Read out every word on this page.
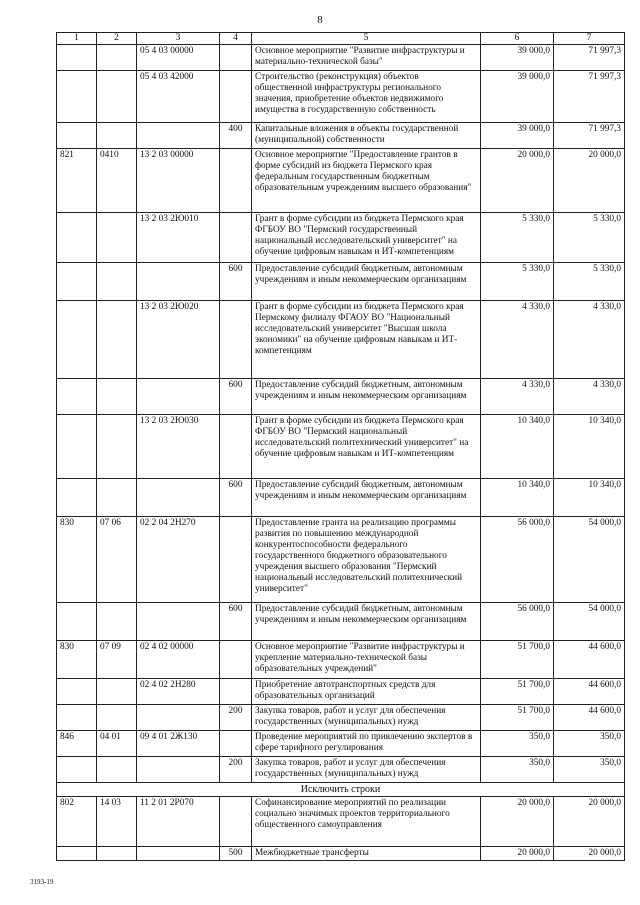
8
1	2	3	4	5	6	7
		05 4 03 00000		Основное мероприятие "Развитие инфраструктуры и материально-технической базы"	39 000,0	71 997,3
		05 4 03 42000		Строительство (реконструкция) объектов общественной инфраструктуры регионального значения, приобретение объектов недвижимого имущества в государственную собственность	39 000,0	71 997,3
			400	Капитальные вложения в объекты государственной (муниципальной) собственности	39 000,0	71 997,3
821	0410	13 2 03 00000		Основное мероприятие "Предоставление грантов в форме субсидий из бюджета Пермского края федеральным государственным бюджетным образовательным учреждениям высшего образования"	20 000,0	20 000,0
		13 2 03 2Ю010		Грант в форме субсидии из бюджета Пермского края ФГБОУ ВО "Пермский государственный национальный исследовательский университет" на обучение цифровым навыкам и ИТ-компетенциям	5 330,0	5 330,0
			600	Предоставление субсидий бюджетным, автономным учреждениям и иным некоммерческим организациям	5 330,0	5 330,0
		13 2 03 2Ю020		Грант в форме субсидии из бюджета Пермского края Пермскому филиалу ФГАОУ ВО "Национальный исследовательский университет "Высшая школа экономики" на обучение цифровым навыкам и ИТ-компетенциям	4 330,0	4 330,0
			600	Предоставление субсидий бюджетным, автономным учреждениям и иным некоммерческим организациям	4 330,0	4 330,0
		13 2 03 2Ю030		Грант в форме субсидии из бюджета Пермского края ФГБОУ ВО "Пермский национальный исследовательский политехнический университет" на обучение цифровым навыкам и ИТ-компетенциям	10 340,0	10 340,0
			600	Предоставление субсидий бюджетным, автономным учреждениям и иным некоммерческим организациям	10 340,0	10 340,0
830	07 06	02 2 04 2Н270		Предоставление гранта на реализацию программы развития по повышению международной конкурентоспособности федерального государственного бюджетного образовательного учреждения высшего образования "Пермский национальный исследовательский политехнический университет"	56 000,0	54 000,0
			600	Предоставление субсидий бюджетным, автономным учреждениям и иным некоммерческим организациям	56 000,0	54 000,0
830	07 09	02 4 02 00000		Основное мероприятие "Развитие инфраструктуры и укрепление материально-технической базы образовательных учреждений"	51 700,0	44 600,0
		02 4 02 2Н280		Приобретение автотранспортных средств для образовательных организаций	51 700,0	44 600,0
			200	Закупка товаров, работ и услуг для обеспечения государственных (муниципальных) нужд	51 700,0	44 600,0
846	04 01	09 4 01 2Ж130		Проведение мероприятий по привлечению экспертов в сфере тарифного регулирования	350,0	350,0
			200	Закупка товаров, работ и услуг для обеспечения государственных (муниципальных) нужд	350,0	350,0
Исключить строки						
802	14 03	11 2 01 2Р070		Софинансирование мероприятий по реализации социально значимых проектов территориального общественного самоуправления	20 000,0	20 000,0
			500	Межбюджетные трансферты	20 000,0	20 000,0
3193-19
